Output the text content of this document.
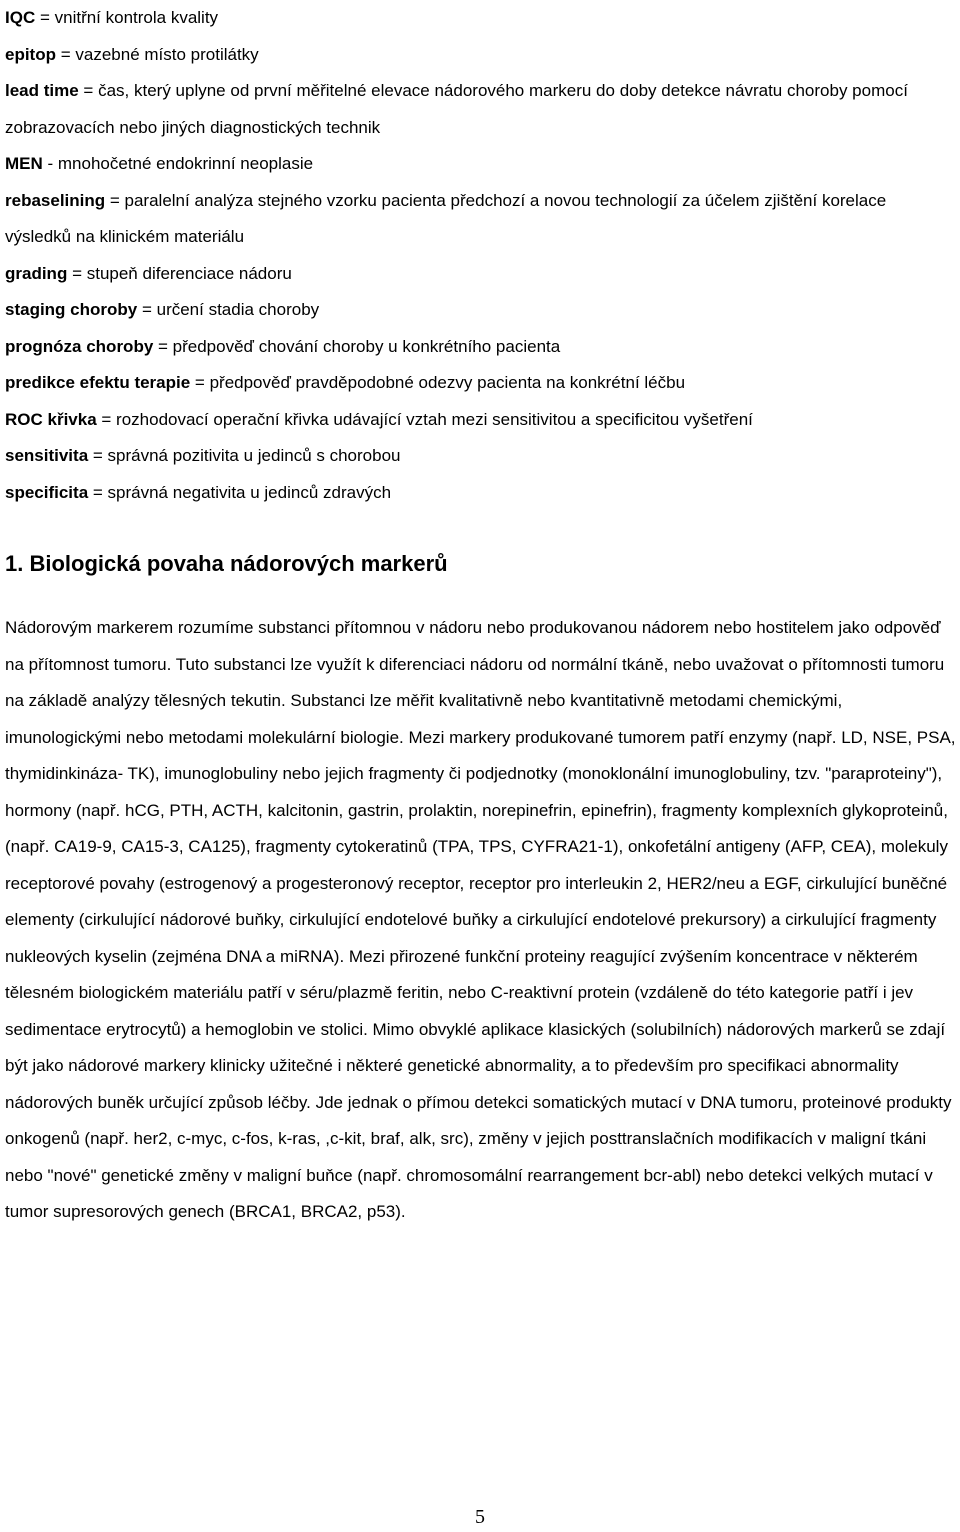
IQC = vnitřní kontrola kvality

epitop = vazebné místo protilátky

lead time = čas, který uplyne od první měřitelné elevace nádorového markeru do doby detekce návratu choroby pomocí zobrazovacích nebo jiných diagnostických technik

MEN - mnohočetné endokrinní neoplasie

rebaselining = paralelní analýza stejného vzorku pacienta předchozí a novou technologií za účelem zjištění korelace výsledků na klinickém materiálu

grading = stupeň diferenciace nádoru

staging choroby = určení stadia choroby

prognóza choroby = předpověď chování choroby u konkrétního pacienta

predikce efektu terapie = předpověď pravděpodobné odezvy pacienta na konkrétní léčbu

ROC křivka = rozhodovací operační křivka udávající vztah mezi sensitivitou a specificitou vyšetření

sensitivita = správná pozitivita u jedinců s chorobou

specificita = správná negativita u jedinců zdravých

1. Biologická povaha nádorových markerů

Nádorovým markerem rozumíme substanci přítomnou v nádoru nebo produkovanou nádorem nebo hostitelem jako odpověď na přítomnost tumoru. Tuto substanci lze využít k diferenciaci nádoru od normální tkáně, nebo uvažovat o přítomnosti tumoru na základě analýzy tělesných tekutin. Substanci lze měřit kvalitativně nebo kvantitativně metodami chemickými, imunologickými nebo metodami molekulární biologie. Mezi markery produkované tumorem patří enzymy (např. LD, NSE, PSA, thymidinkináza- TK), imunoglobuliny nebo jejich fragmenty či podjednotky (monoklonální imunoglobuliny, tzv. "paraproteiny"), hormony (např. hCG, PTH, ACTH, kalcitonin, gastrin, prolaktin, norepinefrin, epinefrin), fragmenty komplexních glykoproteinů, (např. CA19-9, CA15-3, CA125), fragmenty cytokeratinů (TPA, TPS, CYFRA21-1), onkofetální antigeny (AFP, CEA), molekuly receptorové povahy (estrogenový a progesteronový receptor, receptor pro interleukin 2, HER2/neu a EGF, cirkulující buněčné elementy (cirkulující nádorové buňky, cirkulující endotelové buňky a cirkulující endotelové prekursory) a cirkulující fragmenty nukleových kyselin (zejména DNA a miRNA). Mezi přirozené funkční proteiny reagující zvýšením koncentrace v některém tělesném biologickém materiálu patří v séru/plazmě feritin, nebo C-reaktivní protein (vzdáleně do této kategorie patří i jev sedimentace erytrocytů) a hemoglobin ve stolici. Mimo obvyklé aplikace klasických (solubilních) nádorových markerů se zdají být jako nádorové markery klinicky užitečné i některé genetické abnormality, a to především pro specifikaci abnormality nádorových buněk určující způsob léčby. Jde jednak o přímou detekci somatických mutací v DNA tumoru, proteinové produkty onkogenů (např. her2, c-myc, c-fos, k-ras, ,c-kit, braf, alk, src), změny v jejich posttranslačních modifikacích v maligní tkáni nebo "nové" genetické změny v maligní buňce (např. chromosomální rearrangement bcr-abl) nebo detekci velkých mutací v tumor supresorových genech (BRCA1, BRCA2, p53).

5
